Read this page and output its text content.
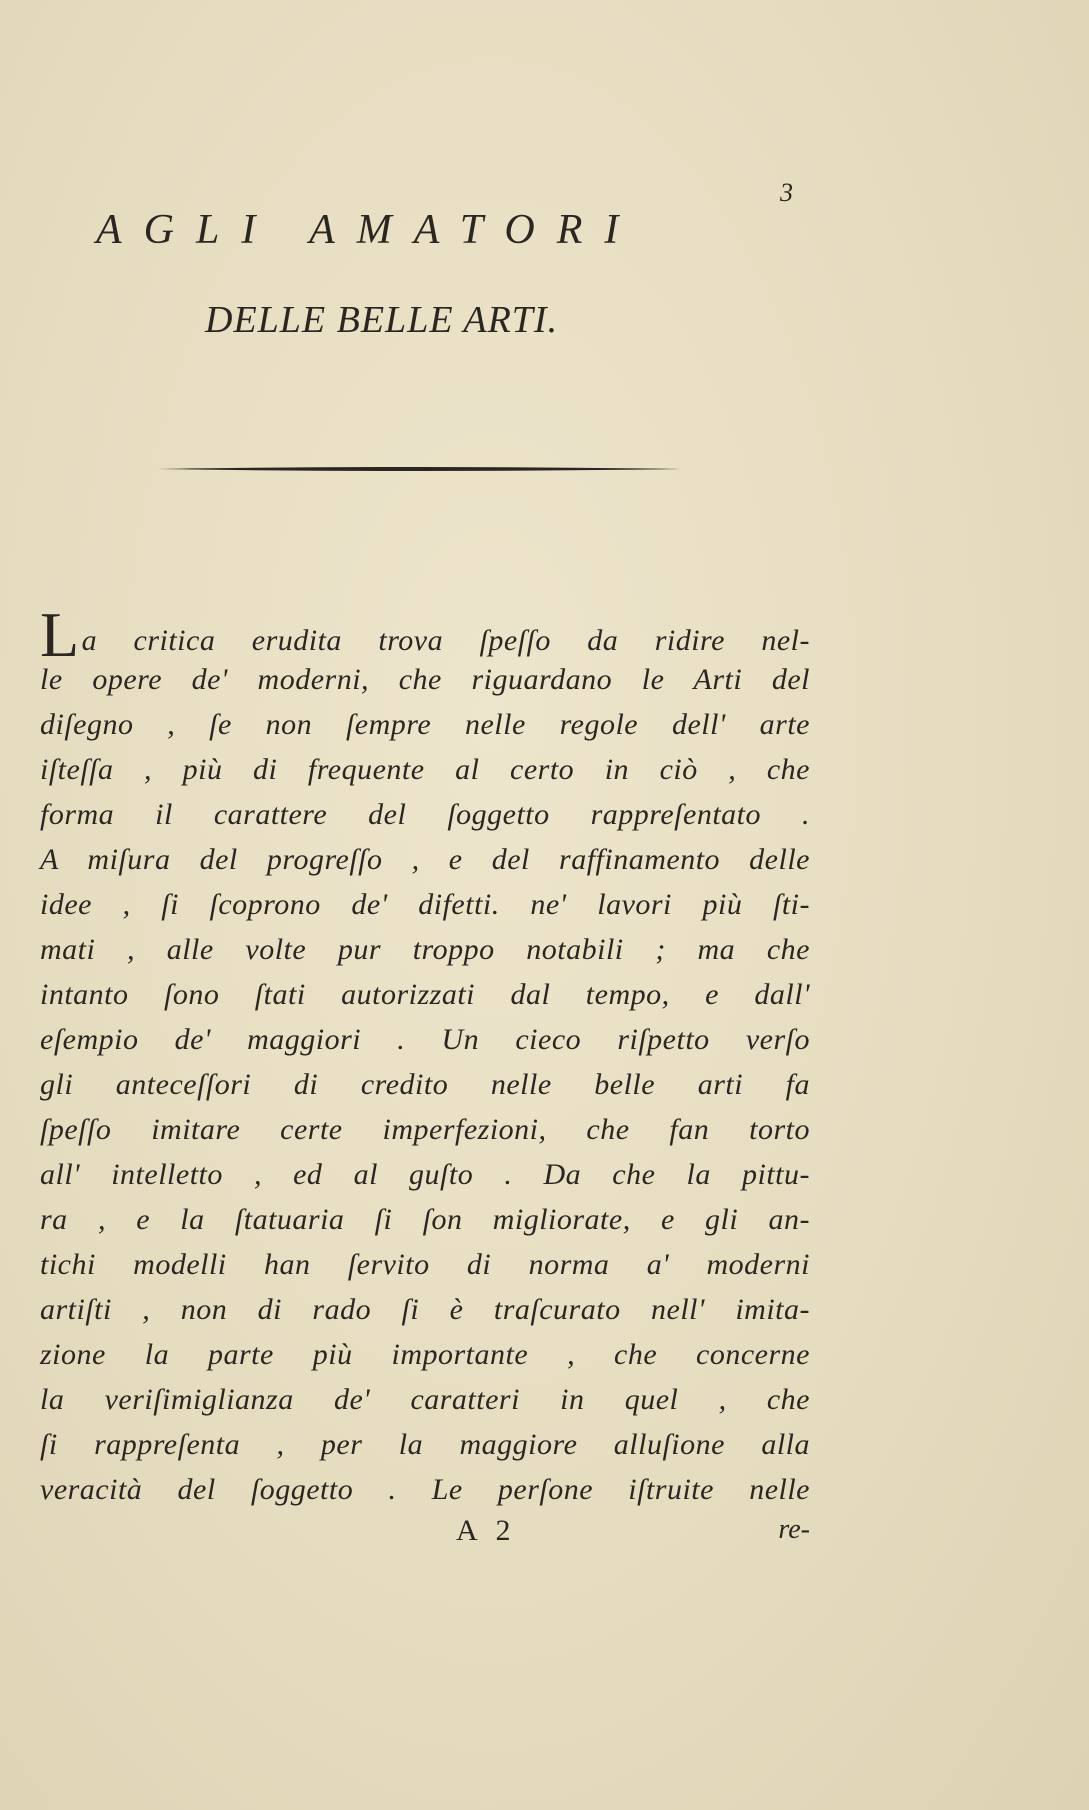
3
AGLI AMATORI
DELLE BELLE ARTI.
La critica erudita trova ſpeſſo da ridire nel-
le opere de' moderni, che riguardano le Arti del
diſegno , ſe non ſempre nelle regole dell' arte
iſteſſa , più di frequente al certo in ciò , che
forma il carattere del ſoggetto rappreſentato .
A miſura del progreſſo , e del raffinamento delle
idee , ſi ſcoprono de' difetti. ne' lavori più ſti-
mati , alle volte pur troppo notabili ; ma che
intanto ſono ſtati autorizzati dal tempo, e dall'
eſempio de' maggiori . Un cieco riſpetto verſo
gli anteceſſori di credito nelle belle arti fa
ſpeſſo imitare certe imperfezioni, che fan torto
all' intelletto , ed al guſto . Da che la pittu-
ra , e la ſtatuaria ſi ſon migliorate, e gli an-
tichi modelli han ſervito di norma a' moderni
artiſti , non di rado ſi è traſcurato nell' imita-
zione la parte più importante , che concerne
la veriſimiglianza de' caratteri in quel , che
ſi rappreſenta , per la maggiore alluſione alla
veracità del ſoggetto . Le perſone iſtruite nelle
A 2	re-
